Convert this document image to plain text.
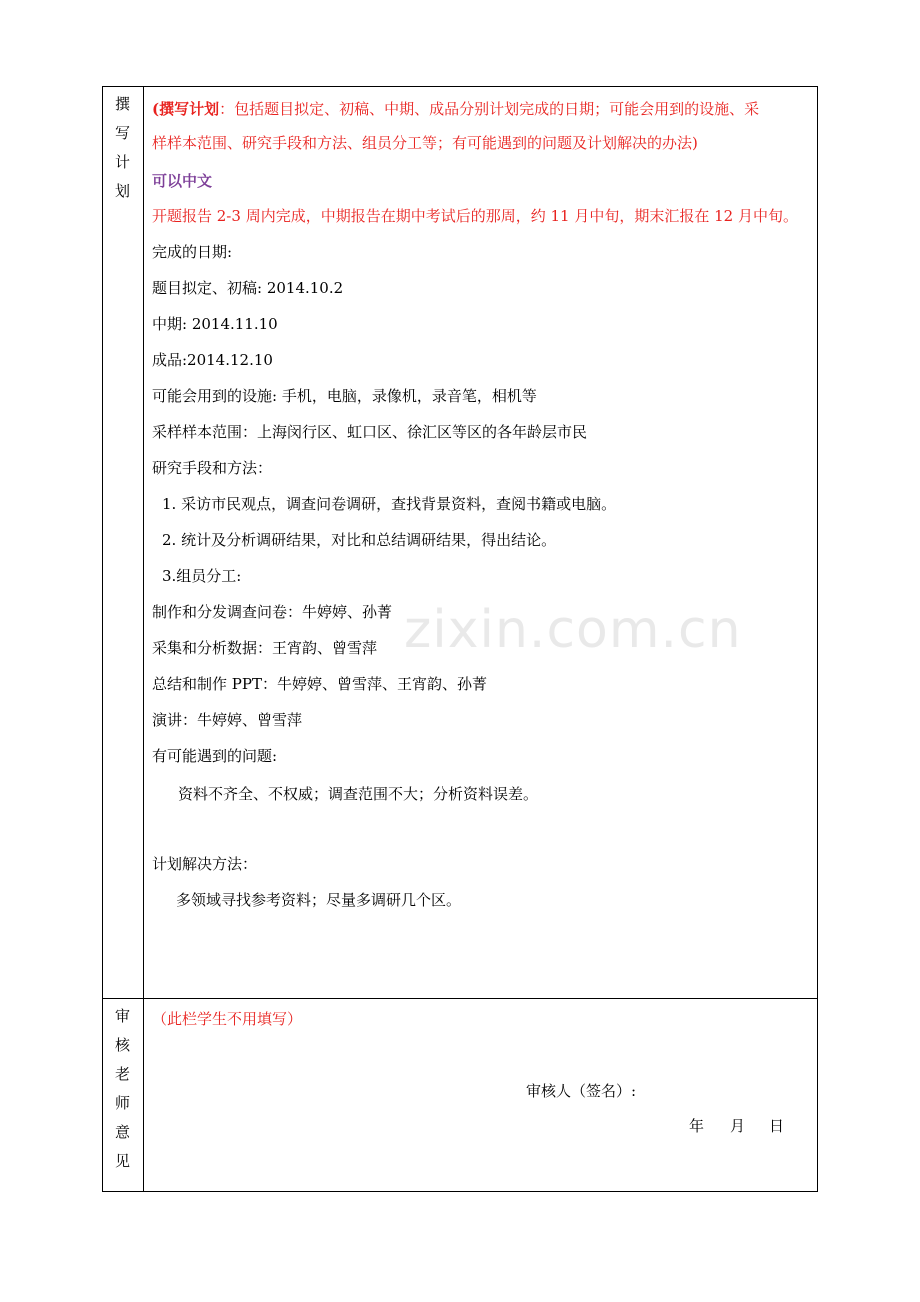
zixin.com.cn
撰
写
计
划
审
核
老
师
意
见
(撰写计划：包括题目拟定、初稿、中期、成品分别计划完成的日期；可能会用到的设施、采
样样本范围、研究手段和方法、组员分工等；有可能遇到的问题及计划解决的办法)
可以中文
开题报告 2-3 周内完成，中期报告在期中考试后的那周，约 11 月中旬，期末汇报在 12 月中旬。
完成的日期:
题目拟定、初稿: 2014.10.2
中期: 2014.11.10
成品:2014.12.10
可能会用到的设施: 手机，电脑，录像机，录音笔，相机等
采样样本范围：上海闵行区、虹口区、徐汇区等区的各年龄层市民
研究手段和方法：
1. 采访市民观点，调查问卷调研，查找背景资料，查阅书籍或电脑。
2. 统计及分析调研结果，对比和总结调研结果，得出结论。
3.组员分工:
制作和分发调查问卷：牛婷婷、孙菁
采集和分析数据：王宵韵、曾雪萍
总结和制作 PPT：牛婷婷、曾雪萍、王宵韵、孙菁
演讲：牛婷婷、曾雪萍
有可能遇到的问题:
资料不齐全、不权威；调查范围不大；分析资料误差。
计划解决方法：
多领域寻找参考资料；尽量多调研几个区。
（此栏学生不用填写）
审核人（签名）:
年 月 日
